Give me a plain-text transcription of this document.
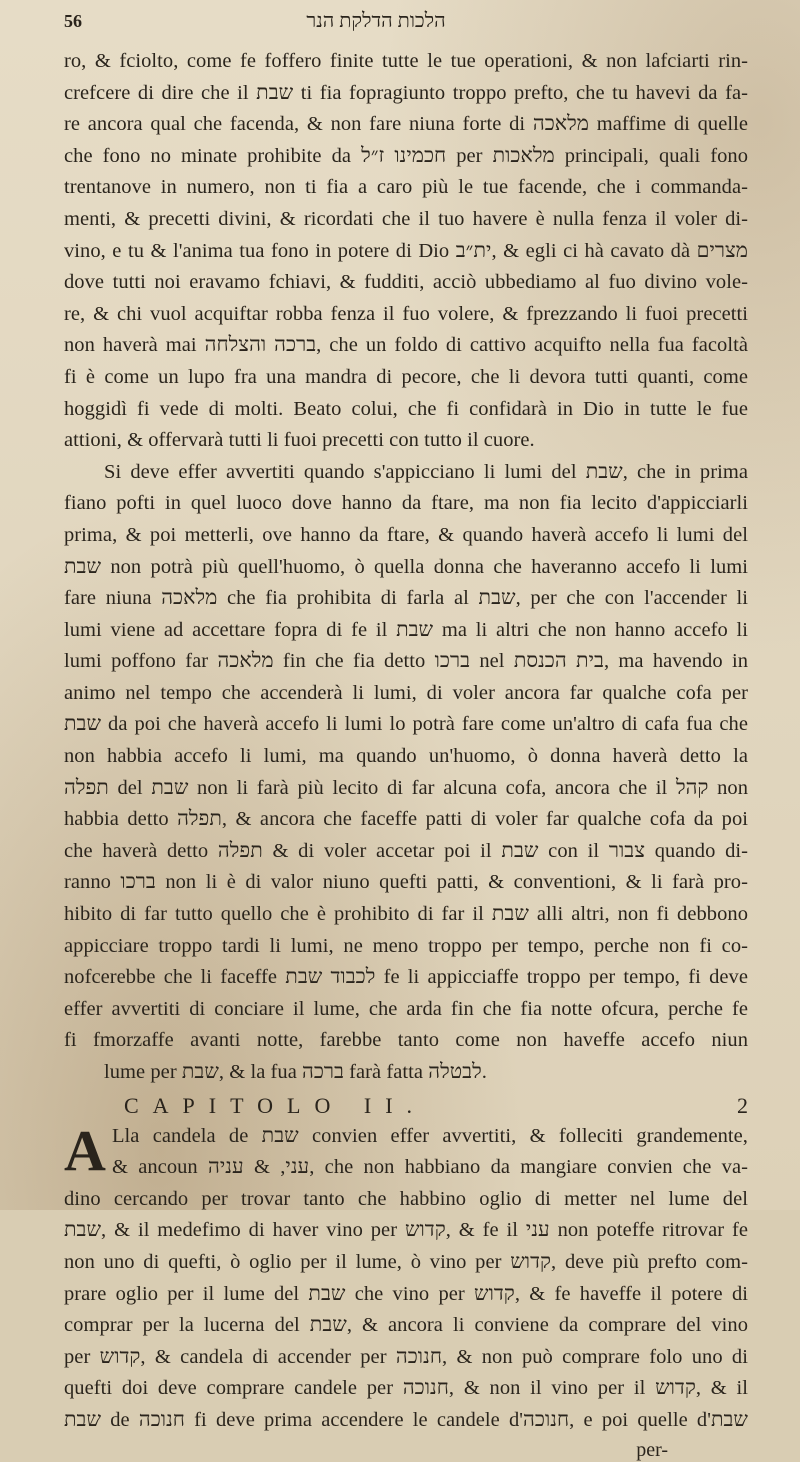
56	הלכות הדלקת הנר
ro, & fciolto, come fe foffero finite tutte le tue operationi, & non lafciarti rin-
crefcere di dire che il שבת ti fia fopragiunto troppo prefto, che tu havevi da fa-
re ancora qual che facenda, & non fare niuna forte di מלאכה maffime di quelle
che fono no minate prohibite da חכמינו ז״ל per מלאכות principali, quali fono
trentanove in numero, non ti fia a caro più le tue facende, che i commanda-
menti, & precetti divini, & ricordati che il tuo havere è nulla fenza il voler di-
vino, e tu & l'anima tua fono in potere di Dio ית״ב, & egli ci hà cavato dà מצרים
dove tutti noi eravamo fchiavi, & fudditi, acciò ubbediamo al fuo divino vole-
re, & chi vuol acquiftar robba fenza il fuo volere, & fprezzando li fuoi precetti
non haverà mai ברכה והצלחה, che un foldo di cattivo acquifto nella fua facoltà
fi è come un lupo fra una mandra di pecore, che li devora tutti quanti, come
hoggidì fi vede di molti. Beato colui, che fi confidarà in Dio in tutte le fue
attioni, & offervarà tutti li fuoi precetti con tutto il cuore.
Si deve effer avvertiti quando s'appicciano li lumi del שבת, che in prima
fiano pofti in quel luoco dove hanno da ftare, ma non fia lecito d'appicciarli
prima, & poi metterli, ove hanno da ftare, & quando haverà accefo li lumi del
שבת non potrà più quell'huomo, ò quella donna che haveranno accefo li lumi
fare niuna מלאכה che fia prohibita di farla al שבת, per che con l'accender li
lumi viene ad accettare fopra di fe il שבת ma li altri che non hanno accefo li
lumi poffono far מלאכה fin che fia detto ברכו nel בית הכנסת, ma havendo in
animo nel tempo che accenderà li lumi, di voler ancora far qualche cofa per
שבת da poi che haverà accefo li lumi lo potrà fare come un'altro di cafa fua che
non habbia accefo li lumi, ma quando un'huomo, ò donna haverà detto la
תפלה del שבת non li farà più lecito di far alcuna cofa, ancora che il קהל non
habbia detto תפלה, & ancora che faceffe patti di voler far qualche cofa da poi
che haverà detto תפלה & di voler accetar poi il שבת con il צבור quando di-
ranno ברכו non li è di valor niuno quefti patti, & conventioni, & li farà pro-
hibito di far tutto quello che è prohibito di far il שבת alli altri, non fi debbono
appicciare troppo tardi li lumi, ne meno troppo per tempo, perche non fi co-
nofcerebbe che li faceffe לכבוד שבת fe li appicciaffe troppo per tempo, fi deve
effer avvertiti di conciare il lume, che arda fin che fia notte ofcura, perche fe
fi fmorzaffe avanti notte, farebbe tanto come non haveffe accefo niun
lume per שבת, & la fua ברכה farà fatta לבטלה.
CAPITOLO II.	2
A Lla candela de שבת convien effer avvertiti, & folleciti grandemente,
& ancoun עני, & עניה, che non habbiano da mangiare convien che va-
dino cercando per trovar tanto che habbino oglio di metter nel lume del
שבת, & il medefimo di haver vino per קדוש, & fe il עני non poteffe ritrovar fe
non uno di quefti, ò oglio per il lume, ò vino per קדוש, deve più prefto com-
prare oglio per il lume del שבת che vino per קדוש, & fe haveffe il potere di
comprar per la lucerna del שבת, & ancora li conviene da comprare del vino
per קדוש, & candela di accender per חנוכה, & non può comprare folo uno di
quefti doi deve comprare candele per חנוכה, & non il vino per il קדוש, & il
שבת de חנוכה fi deve prima accendere le candele d'חנוכה, e poi quelle d'שבת
per-
